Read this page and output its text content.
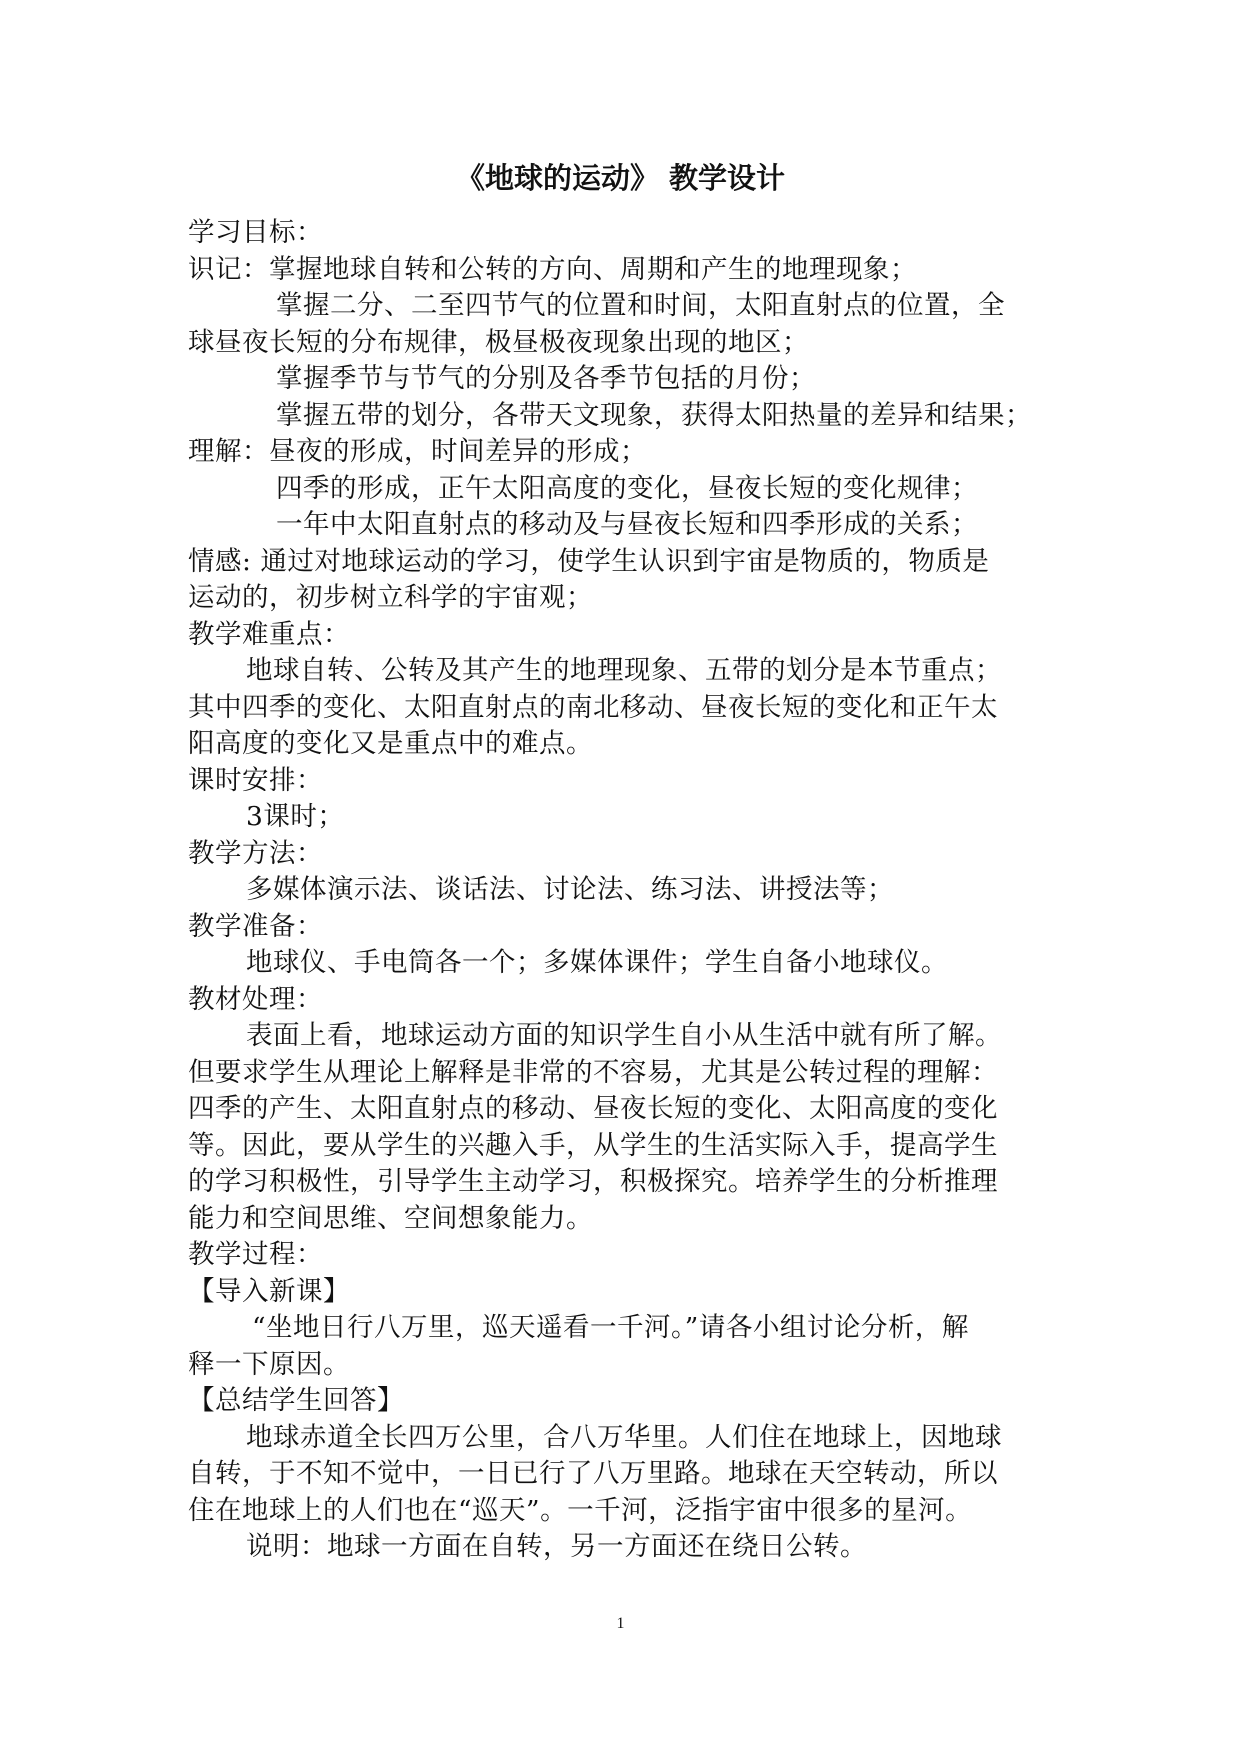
《地球的运动》 教学设计

学习目标：

识记：掌握地球自转和公转的方向、周期和产生的地理现象；

掌握二分、二至四节气的位置和时间，太阳直射点的位置，全

球昼夜长短的分布规律，极昼极夜现象出现的地区；

掌握季节与节气的分别及各季节包括的月份；

掌握五带的划分，各带天文现象，获得太阳热量的差异和结果；

理解：昼夜的形成，时间差异的形成；

四季的形成，正午太阳高度的变化，昼夜长短的变化规律；

一年中太阳直射点的移动及与昼夜长短和四季形成的关系；

情感: 通过对地球运动的学习，使学生认识到宇宙是物质的，物质是

运动的，初步树立科学的宇宙观；

教学难重点：

地球自转、公转及其产生的地理现象、五带的划分是本节重点；

其中四季的变化、太阳直射点的南北移动、昼夜长短的变化和正午太

阳高度的变化又是重点中的难点。

课时安排：

3课时；

教学方法：

多媒体演示法、谈话法、讨论法、练习法、讲授法等；

教学准备：

地球仪、手电筒各一个；多媒体课件；学生自备小地球仪。

教材处理：

表面上看，地球运动方面的知识学生自小从生活中就有所了解。

但要求学生从理论上解释是非常的不容易，尤其是公转过程的理解：

四季的产生、太阳直射点的移动、昼夜长短的变化、太阳高度的变化

等。因此，要从学生的兴趣入手，从学生的生活实际入手，提高学生

的学习积极性，引导学生主动学习，积极探究。培养学生的分析推理

能力和空间思维、空间想象能力。

教学过程：

【导入新课】

“坐地日行八万里，巡天遥看一千河。”请各小组讨论分析，解

释一下原因。

【总结学生回答】

地球赤道全长四万公里，合八万华里。人们住在地球上，因地球

自转，于不知不觉中，一日已行了八万里路。地球在天空转动，所以

住在地球上的人们也在“巡天”。一千河，泛指宇宙中很多的星河。

说明：地球一方面在自转，另一方面还在绕日公转。

1
